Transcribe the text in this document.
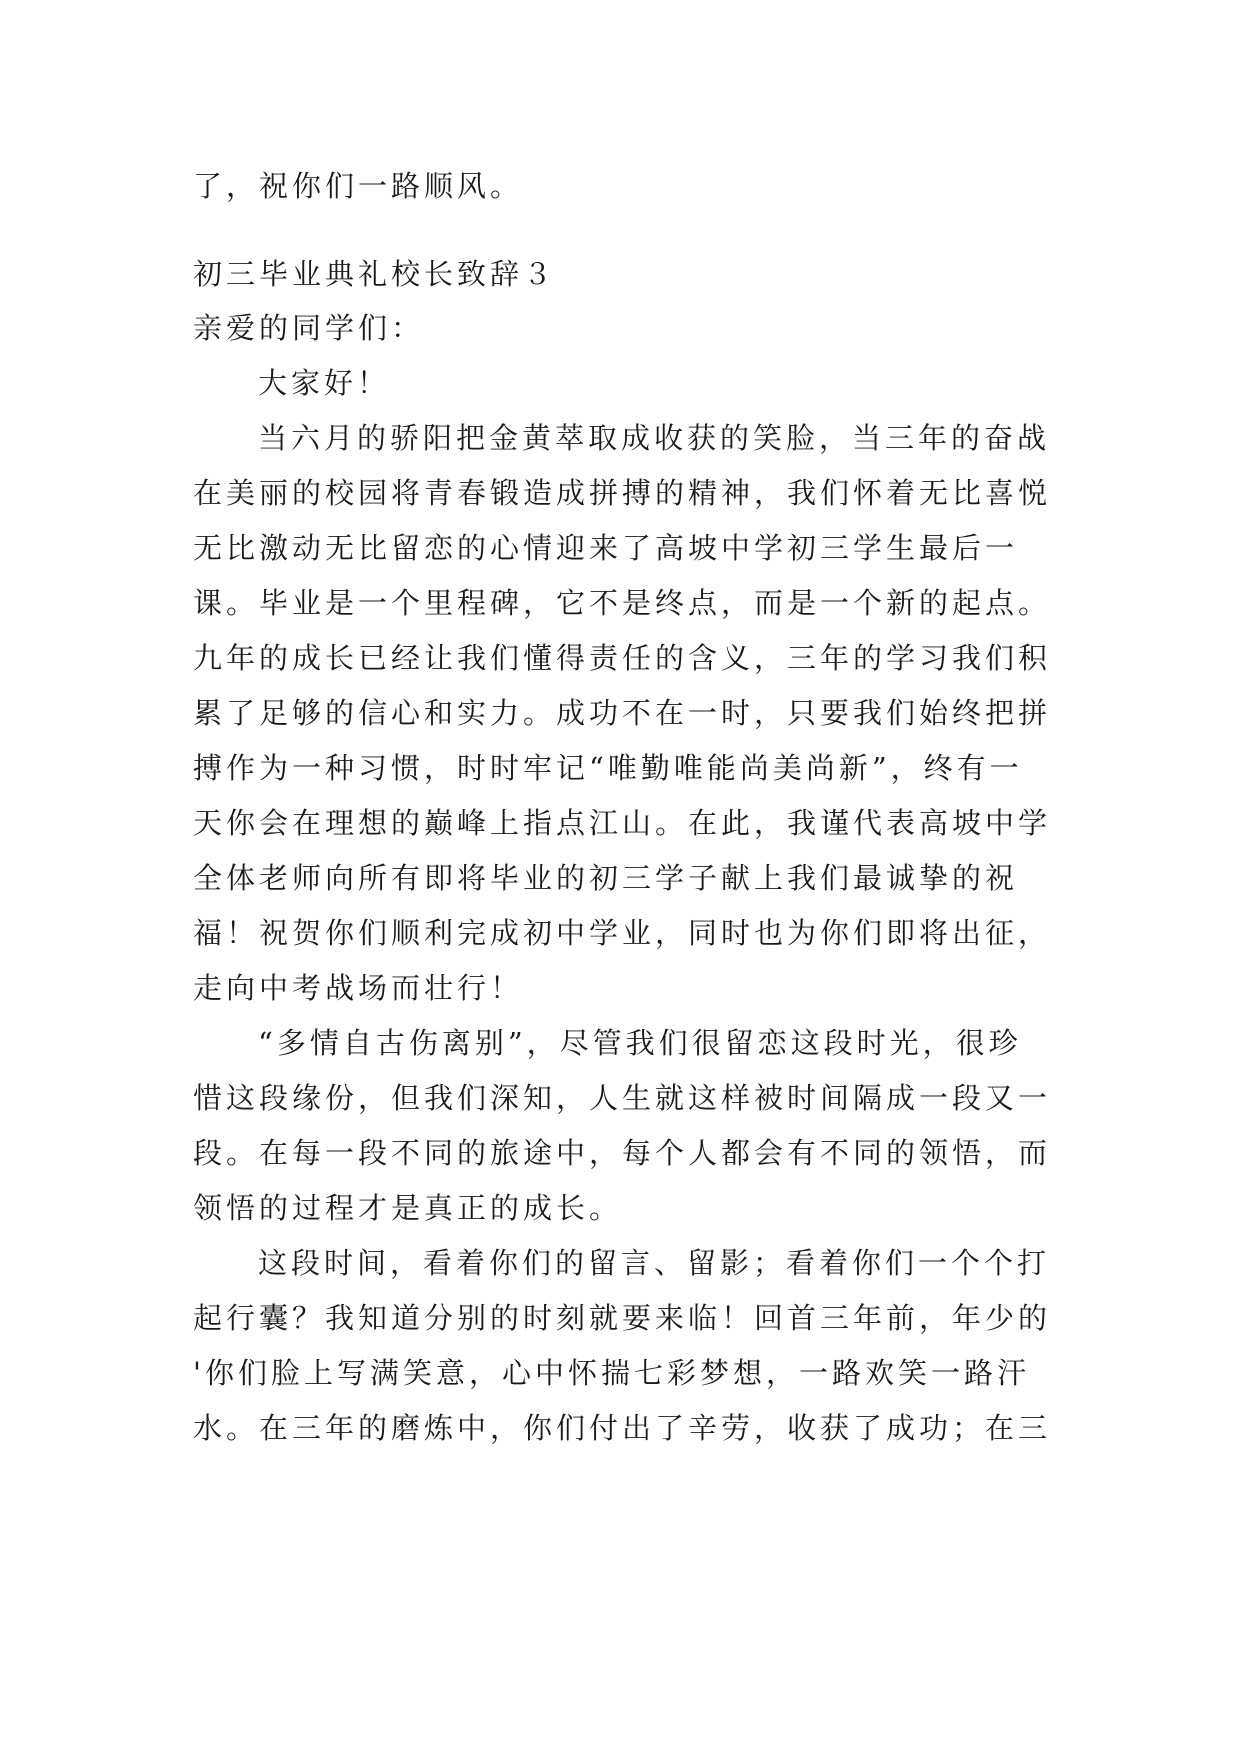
了，祝你们一路顺风。
初三毕业典礼校长致辞３
亲爱的同学们：
大家好！
当六月的骄阳把金黄萃取成收获的笑脸，当三年的奋战
在美丽的校园将青春锻造成拼搏的精神，我们怀着无比喜悦
无比激动无比留恋的心情迎来了高坡中学初三学生最后一
课。毕业是一个里程碑，它不是终点，而是一个新的起点。
九年的成长已经让我们懂得责任的含义，三年的学习我们积
累了足够的信心和实力。成功不在一时，只要我们始终把拼
搏作为一种习惯，时时牢记“唯勤唯能尚美尚新”，终有一
天你会在理想的巅峰上指点江山。在此，我谨代表高坡中学
全体老师向所有即将毕业的初三学子献上我们最诚挚的祝
福！祝贺你们顺利完成初中学业，同时也为你们即将出征，
走向中考战场而壮行！
“多情自古伤离别”，尽管我们很留恋这段时光，很珍
惜这段缘份，但我们深知，人生就这样被时间隔成一段又一
段。在每一段不同的旅途中，每个人都会有不同的领悟，而
领悟的过程才是真正的成长。
这段时间，看着你们的留言、留影；看着你们一个个打
起行囊？我知道分别的时刻就要来临！回首三年前，年少的
'你们脸上写满笑意，心中怀揣七彩梦想，一路欢笑一路汗
水。在三年的磨炼中，你们付出了辛劳，收获了成功；在三
